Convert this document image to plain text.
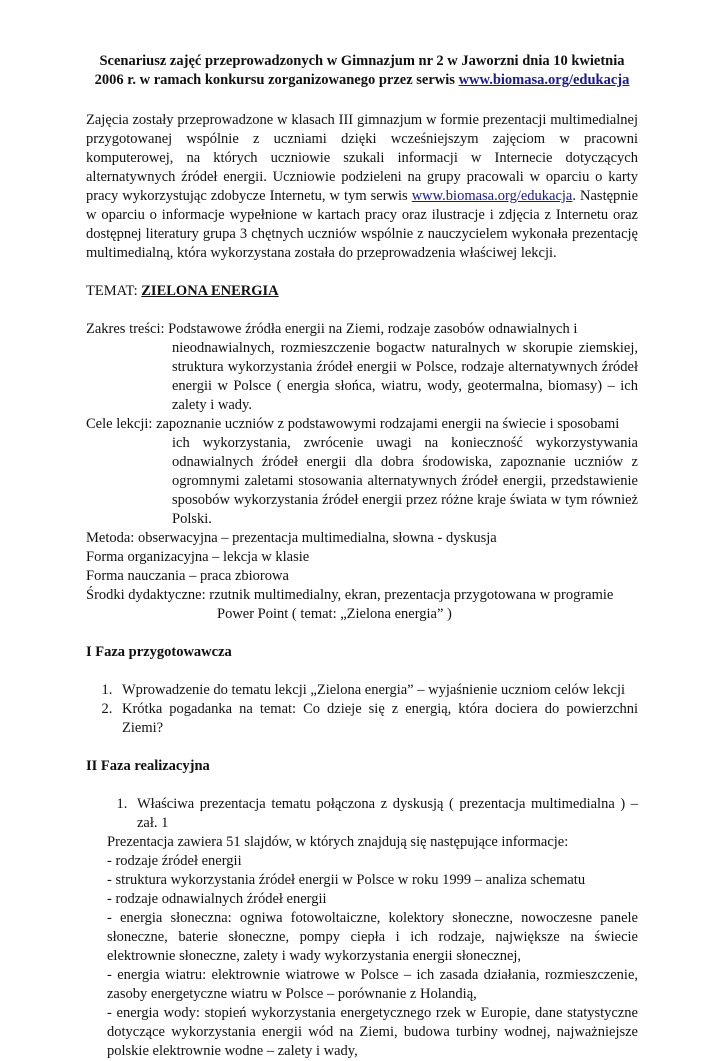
Scenariusz zajęć przeprowadzonych w Gimnazjum nr 2 w Jaworzni dnia 10 kwietnia
2006 r. w ramach konkursu zorganizowanego przez serwis www.biomasa.org/edukacja

Zajęcia zostały przeprowadzone w klasach III gimnazjum w formie prezentacji multimedialnej przygotowanej wspólnie z uczniami dzięki wcześniejszym zajęciom w pracowni komputerowej, na których uczniowie szukali informacji w Internecie dotyczących alternatywnych źródeł energii. Uczniowie podzieleni na grupy pracowali w oparciu o karty pracy wykorzystując zdobycze Internetu, w tym serwis www.biomasa.org/edukacja. Następnie w oparciu o informacje wypełnione w kartach pracy oraz ilustracje i zdjęcia z Internetu oraz dostępnej literatury grupa 3 chętnych uczniów wspólnie z nauczycielem wykonała prezentację multimedialną, która wykorzystana została do przeprowadzenia właściwej lekcji.

TEMAT: ZIELONA ENERGIA

Zakres treści:
Podstawowe źródła energii na Ziemi, rodzaje zasobów odnawialnych i
nieodnawialnych, rozmieszczenie bogactw naturalnych w skorupie ziemskiej, struktura wykorzystania źródeł energii w Polsce, rodzaje alternatywnych źródeł energii w Polsce ( energia słońca, wiatru, wody, geotermalna, biomasy) – ich zalety i wady.
Cele lekcji:
zapoznanie uczniów z podstawowymi rodzajami energii na świecie i sposobami
ich wykorzystania, zwrócenie uwagi na konieczność wykorzystywania odnawialnych źródeł energii dla dobra środowiska, zapoznanie uczniów z ogromnymi zaletami stosowania alternatywnych źródeł energii, przedstawienie sposobów wykorzystania źródeł energii przez różne kraje świata w tym również Polski.

Metoda: obserwacyjna – prezentacja multimedialna, słowna - dyskusja

Forma organizacyjna – lekcja w klasie

Forma nauczania – praca zbiorowa

Środki dydaktyczne:
rzutnik multimedialny, ekran, prezentacja przygotowana w programie
Power Point ( temat: „Zielona energia” )
I Faza przygotowawcza
1. Wprowadzenie do tematu lekcji „Zielona energia” – wyjaśnienie uczniom celów lekcji
2. Krótka pogadanka na temat: Co dzieje się z energią, która dociera do powierzchni Ziemi?
II Faza realizacyjna
1. Właściwa prezentacja tematu połączona z dyskusją ( prezentacja multimedialna ) – zał. 1

Prezentacja zawiera 51 slajdów, w których znajdują się następujące informacje:

- rodzaje źródeł energii

- struktura wykorzystania źródeł energii w Polsce w roku 1999 – analiza schematu

- rodzaje odnawialnych źródeł energii

- energia słoneczna: ogniwa fotowoltaiczne, kolektory słoneczne, nowoczesne panele słoneczne, baterie słoneczne, pompy ciepła i ich rodzaje, największe na świecie elektrownie słoneczne, zalety i wady wykorzystania energii słonecznej,

- energia wiatru: elektrownie wiatrowe w Polsce – ich zasada działania, rozmieszczenie, zasoby energetyczne wiatru w Polsce – porównanie z Holandią,

- energia wody: stopień wykorzystania energetycznego rzek w Europie, dane statystyczne dotyczące wykorzystania energii wód na Ziemi, budowa turbiny wodnej, najważniejsze polskie elektrownie wodne – zalety i wady,
